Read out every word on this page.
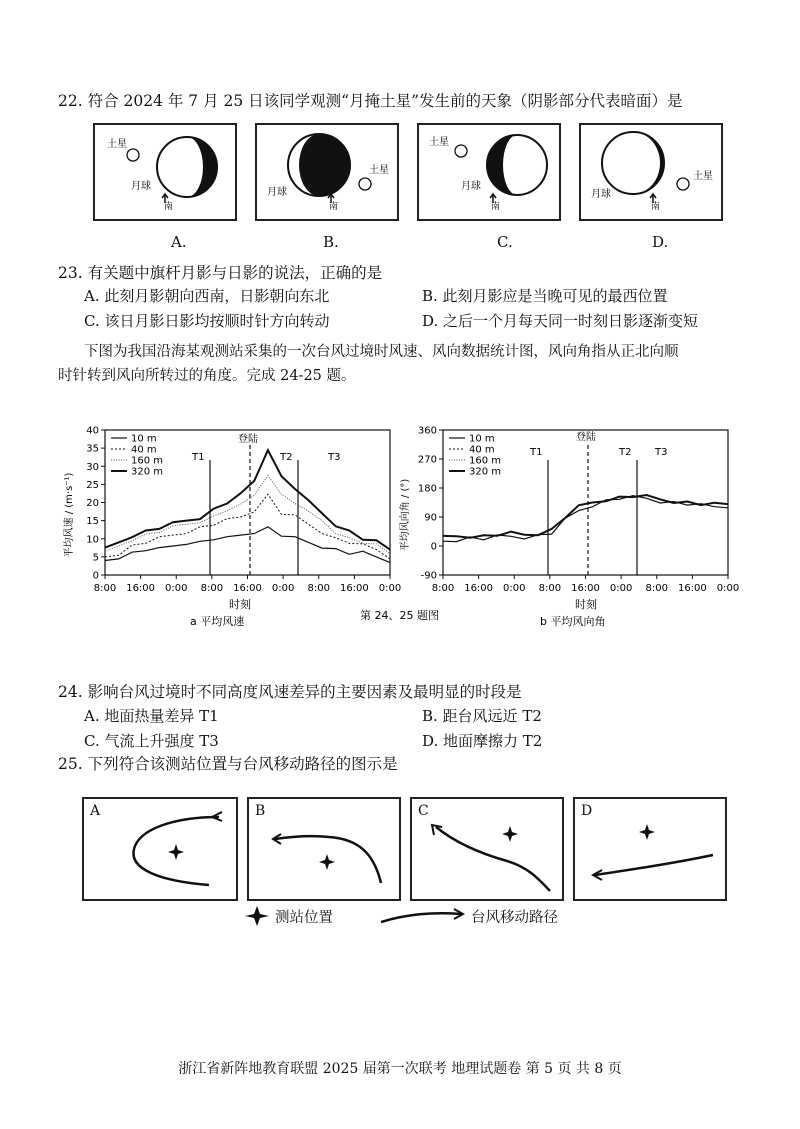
22. 符合 2024 年 7 月 25 日该同学观测“月掩土星”发生前的天象（阴影部分代表暗面）是
土星
月球
南
土星
月球
南
土星
月球
南
土星
月球
南
A.	B.	C.	D.
23. 有关题中旗杆月影与日影的说法，正确的是
A. 此刻月影朝向西南，日影朝向东北	B. 此刻月影应是当晚可见的最西位置
C. 该日月影日影均按顺时针方向转动	D. 之后一个月每天同一时刻日影逐渐变短
下图为我国沿海某观测站采集的一次台风过境时风速、风向数据统计图，风向角指从正北向顺
时针转到风向所转过的角度。完成 24-25 题。
平均风速 / (m·s⁻¹)
时刻
0
5
10
15
20
25
30
35
40
8:00 16:00 0:00 8:00 16:00 0:00 8:00 16:00 0:00
T1
登陆
T2	T3
10 m
40 m
160 m
320 m
平均风向角 / (°)
时刻
-90
0
90
180
270
360
8:00 16:00 0:00 8:00 16:00 0:00 8:00 16:00 0:00
T1
登陆
T2 T3
10 m
40 m
160 m
320 m
a 平均风速	第 24、25 题图	b 平均风向角
24. 影响台风过境时不同高度风速差异的主要因素及最明显的时段是
A. 地面热量差异 T1	B. 距台风远近 T2
C. 气流上升强度 T3	D. 地面摩擦力 T2
25. 下列符合该测站位置与台风移动路径的图示是
A	B	C	D
测站位置	台风移动路径
浙江省新阵地教育联盟 2025 届第一次联考 地理试题卷 第 5 页 共 8 页
